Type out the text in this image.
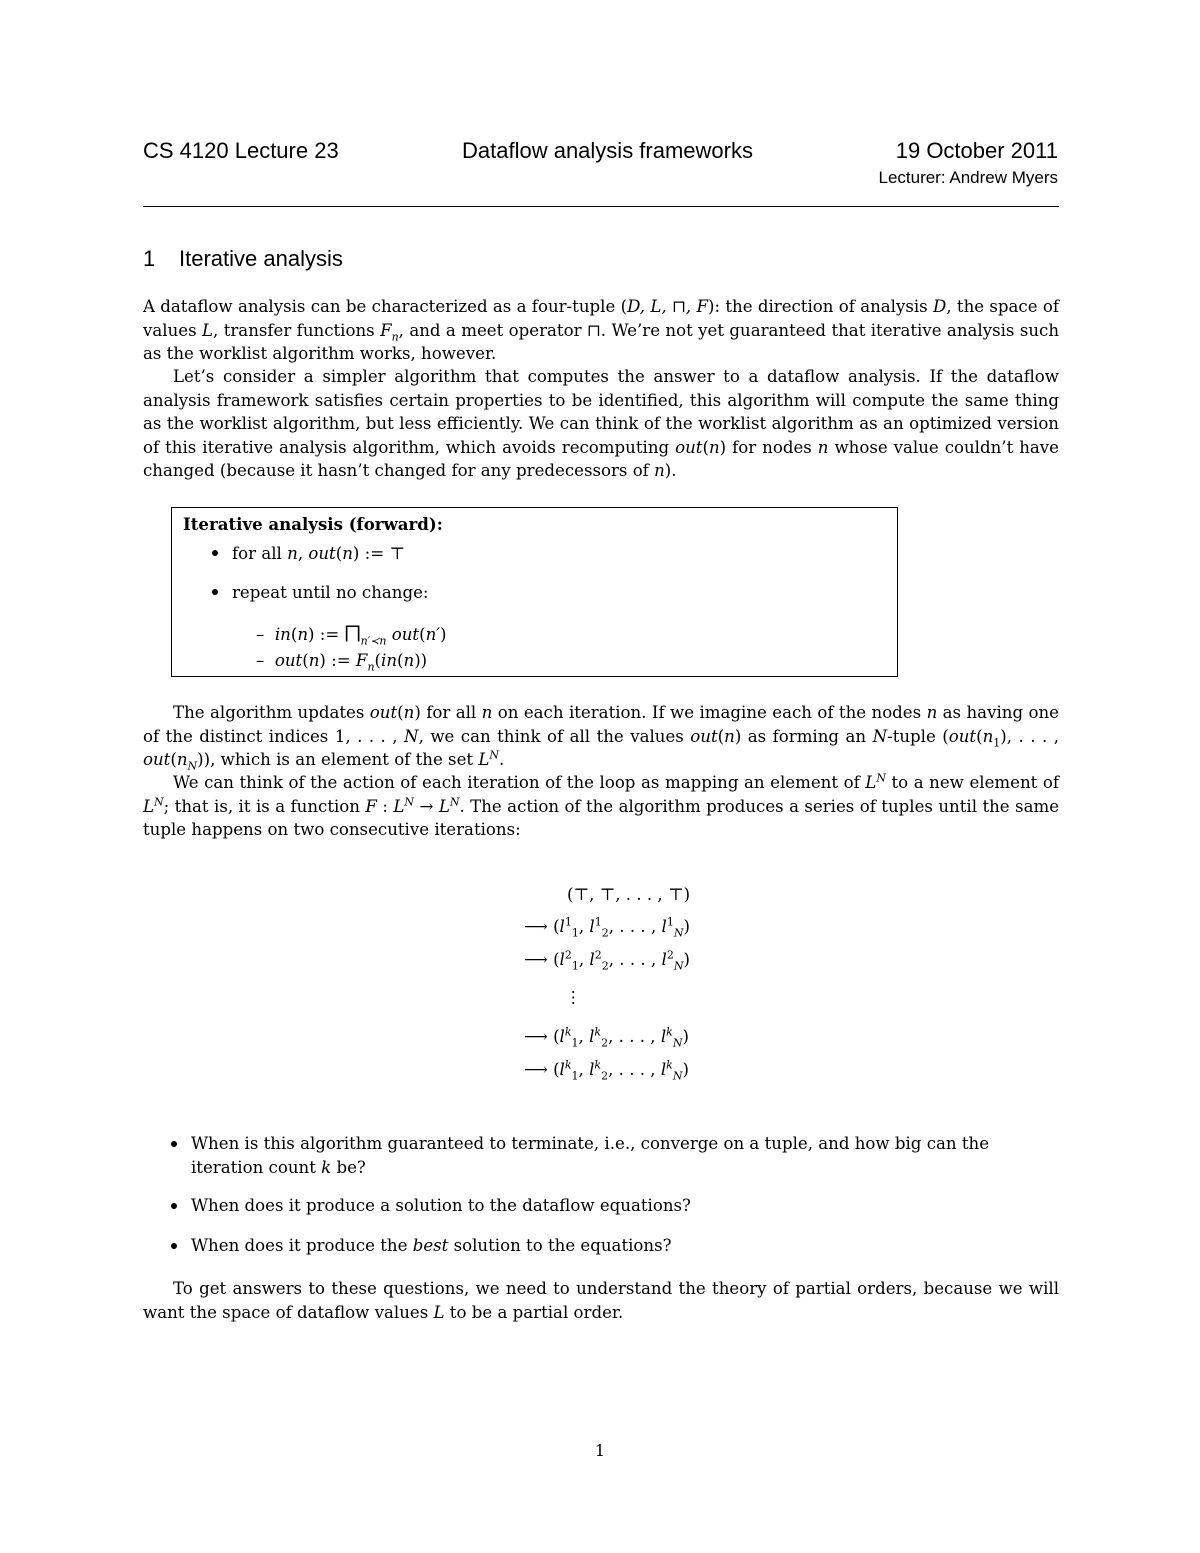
CS 4120 Lecture 23	Dataflow analysis frameworks	19 October 2011
Lecturer: Andrew Myers
1 Iterative analysis
A dataflow analysis can be characterized as a four-tuple (D, L, ⊓, F): the direction of analysis D, the space of values L, transfer functions $F_n$, and a meet operator ⊓. We’re not yet guaranteed that iterative analysis such as the worklist algorithm works, however.
Let’s consider a simpler algorithm that computes the answer to a dataflow analysis. If the dataflow analysis framework satisfies certain properties to be identified, this algorithm will compute the same thing as the worklist algorithm, but less efficiently. We can think of the worklist algorithm as an optimized version of this iterative analysis algorithm, which avoids recomputing out(n) for nodes n whose value couldn’t have changed (because it hasn’t changed for any predecessors of n).
Iterative analysis (forward):
for all n, out(n) := ⊤
repeat until no change:
–  in(n) := $⨅_{n'≺n}$ out(n′)
–  out(n) := $F_n(in(n))$
The algorithm updates out(n) for all n on each iteration. If we imagine each of the nodes n as having one of the distinct indices 1, . . . , N, we can think of all the values out(n) as forming an N-tuple ($out(n_1)$, . . . , $out(n_N)$), which is an element of the set $L^N$.
We can think of the action of each iteration of the loop as mapping an element of $L^N$ to a new element of $L^N$; that is, it is a function F : $L^N \to L^N$. The action of the algorithm produces a series of tuples until the same tuple happens on two consecutive iterations:
(⊤, ⊤, . . . , ⊤)
⟶ ($l^1_1$, $l^1_2$, . . . , $l^1_N$)
⟶ ($l^2_1$, $l^2_2$, . . . , $l^2_N$)
⋮
⟶ ($l^k_1$, $l^k_2$, . . . , $l^k_N$)
⟶ ($l^k_1$, $l^k_2$, . . . , $l^k_N$)
When is this algorithm guaranteed to terminate, i.e., converge on a tuple, and how big can the iteration count k be?
When does it produce a solution to the dataflow equations?
When does it produce the best solution to the equations?
To get answers to these questions, we need to understand the theory of partial orders, because we will want the space of dataflow values L to be a partial order.
1
